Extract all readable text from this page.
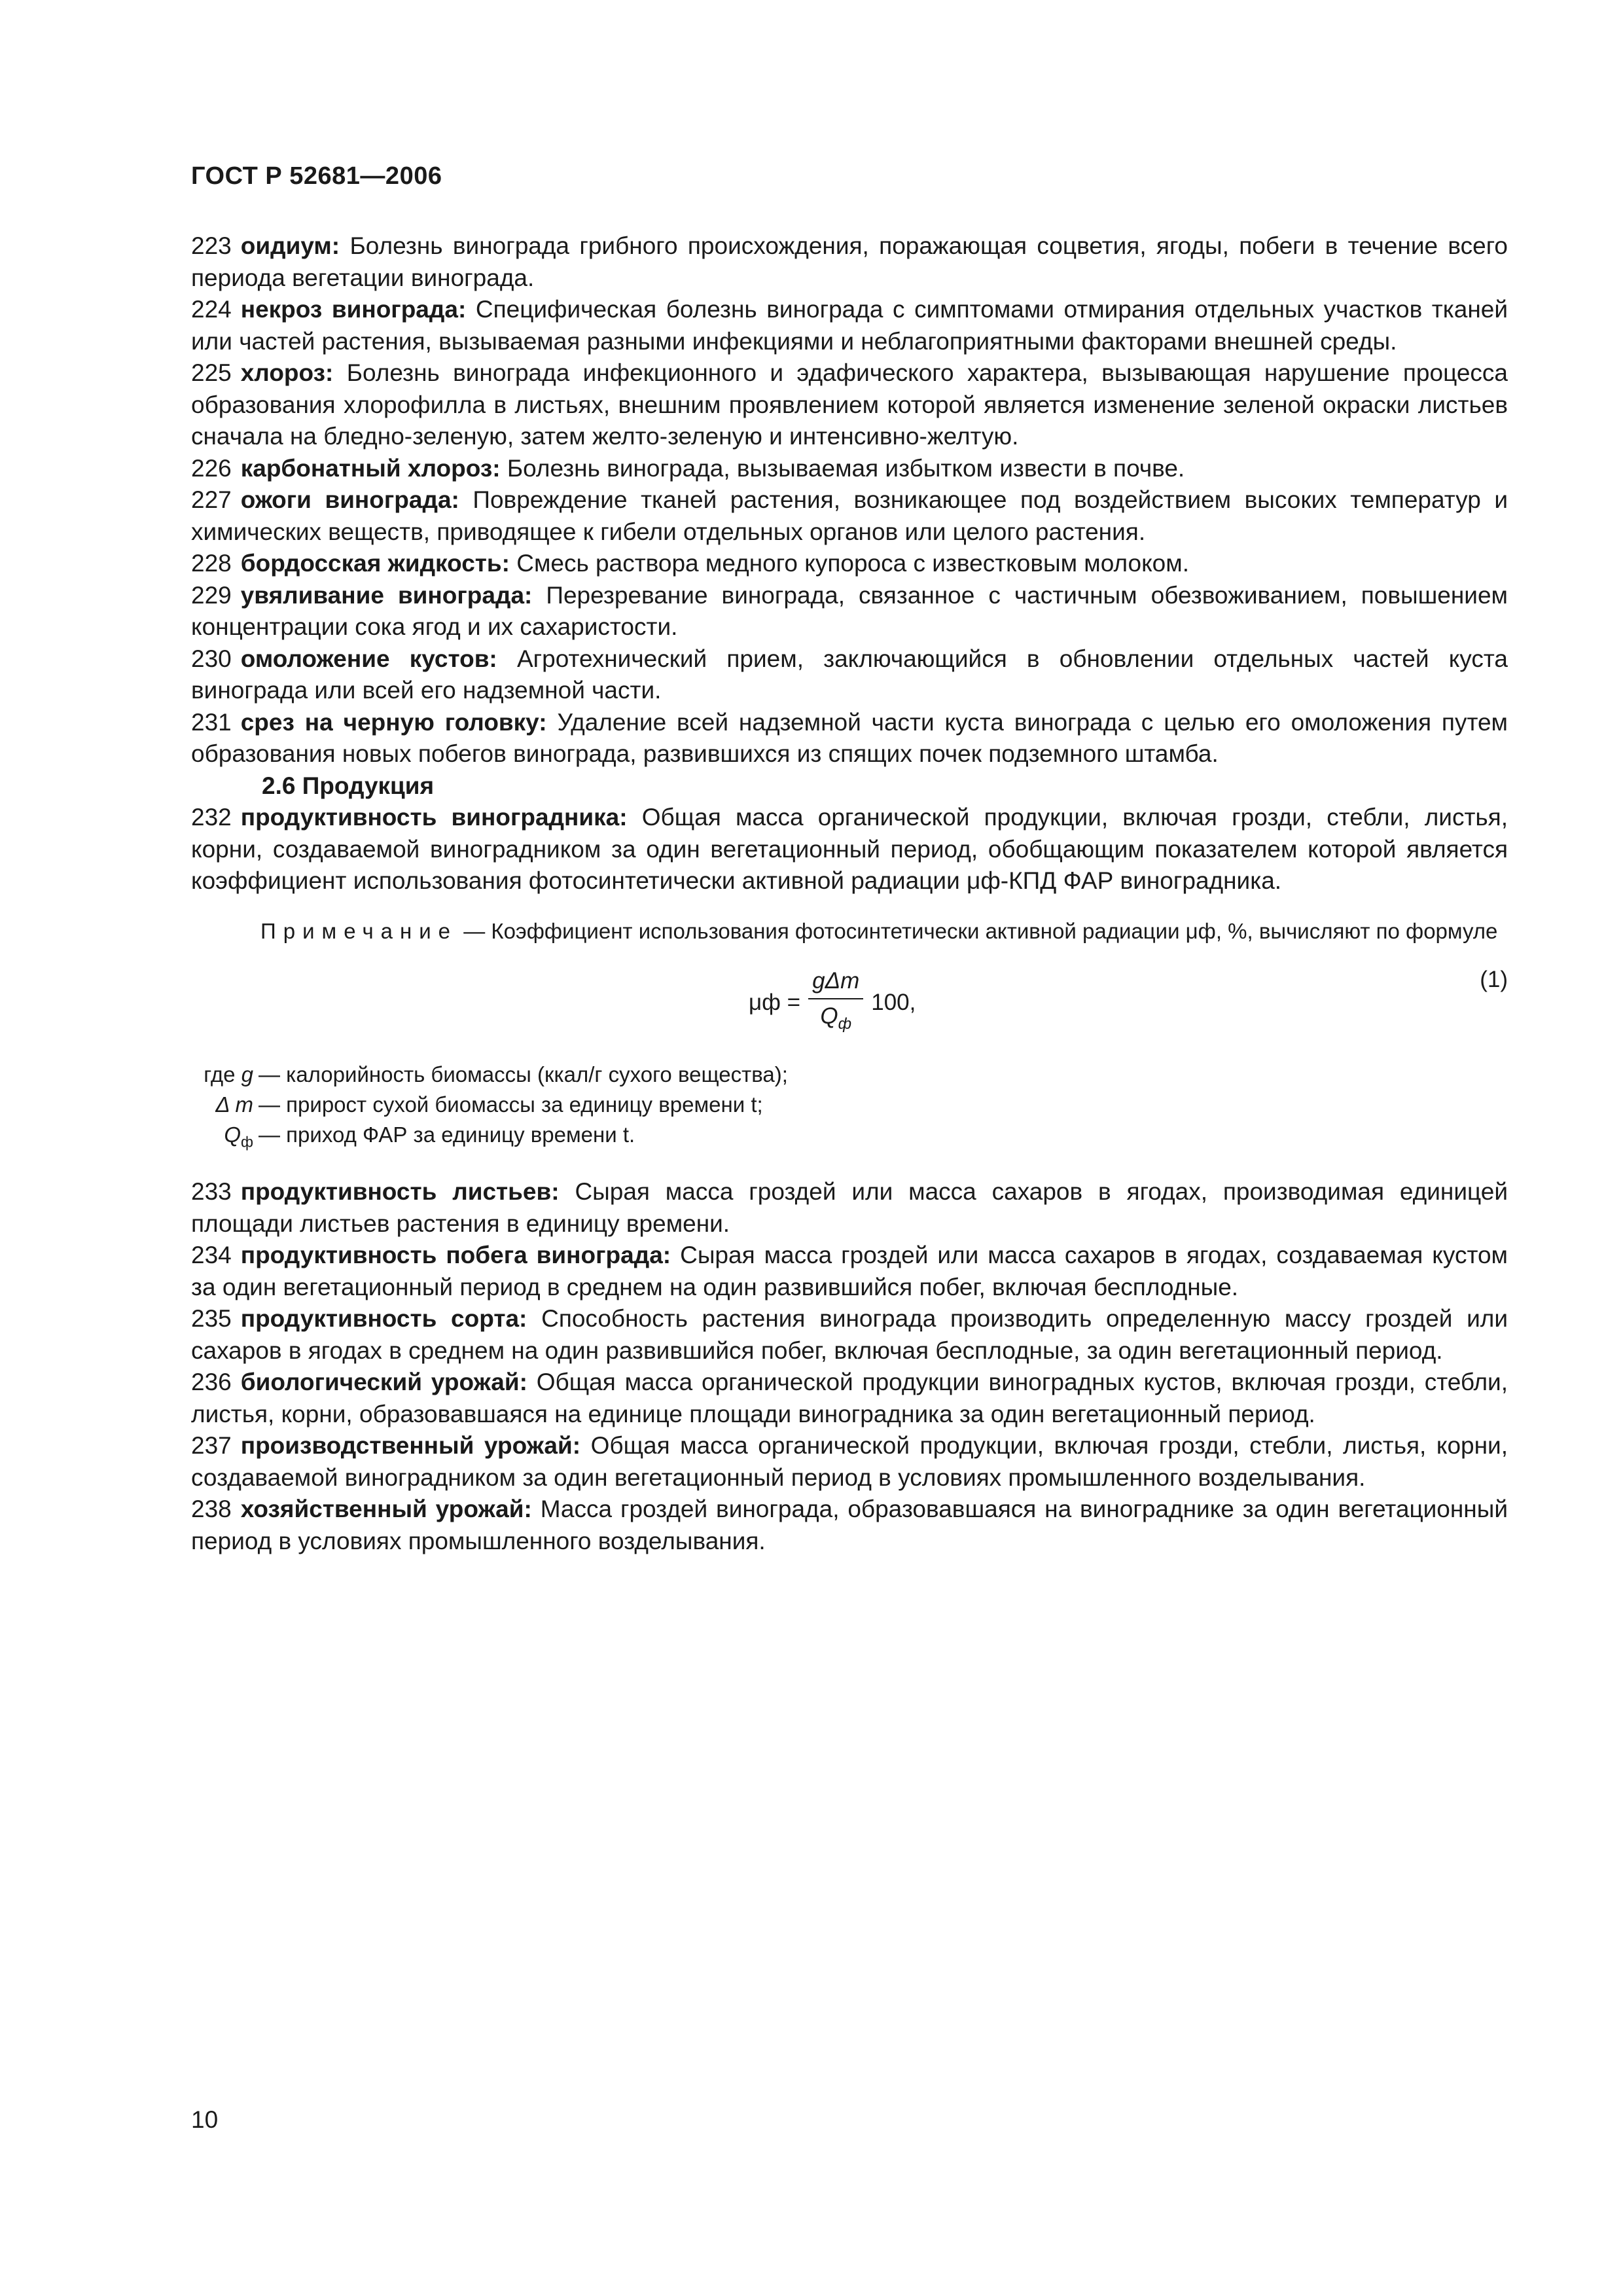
ГОСТ Р 52681—2006

223 оидиум: Болезнь винограда грибного происхождения, поражающая соцветия, ягоды, побеги в течение всего периода вегетации винограда.

224 некроз винограда: Специфическая болезнь винограда с симптомами отмирания отдельных участков тканей или частей растения, вызываемая разными инфекциями и неблагоприятными факторами внешней среды.

225 хлороз: Болезнь винограда инфекционного и эдафического характера, вызывающая нарушение процесса образования хлорофилла в листьях, внешним проявлением которой является изменение зеленой окраски листьев сначала на бледно-зеленую, затем желто-зеленую и интенсивно-желтую.

226 карбонатный хлороз: Болезнь винограда, вызываемая избытком извести в почве.

227 ожоги винограда: Повреждение тканей растения, возникающее под воздействием высоких температур и химических веществ, приводящее к гибели отдельных органов или целого растения.

228 бордосская жидкость: Смесь раствора медного купороса с известковым молоком.

229 увяливание винограда: Перезревание винограда, связанное с частичным обезвоживанием, повышением концентрации сока ягод и их сахаристости.

230 омоложение кустов: Агротехнический прием, заключающийся в обновлении отдельных частей куста винограда или всей его надземной части.

231 срез на черную головку: Удаление всей надземной части куста винограда с целью его омоложения путем образования новых побегов винограда, развившихся из спящих почек подземного штамба.

2.6 Продукция

232 продуктивность виноградника: Общая масса органической продукции, включая грозди, стебли, листья, корни, создаваемой виноградником за один вегетационный период, обобщающим показателем которой является коэффициент использования фотосинтетически активной радиации μф-КПД ФАР виноградника.

Примечание — Коэффициент использования фотосинтетически активной радиации μф, %, вычисляют по формуле

$\mu ф = \frac{\text{gΔm}}{Q_ф} 100$,
(1)
где g — калорийность биомассы (ккал/г сухого вещества);
Δ m — прирост сухой биомассы за единицу времени t;
$Q_ф$ — приход ФАР за единицу времени t.

233 продуктивность листьев: Сырая масса гроздей или масса сахаров в ягодах, производимая единицей площади листьев растения в единицу времени.

234 продуктивность побега винограда: Сырая масса гроздей или масса сахаров в ягодах, создаваемая кустом за один вегетационный период в среднем на один развившийся побег, включая бесплодные.

235 продуктивность сорта: Способность растения винограда производить определенную массу гроздей или сахаров в ягодах в среднем на один развившийся побег, включая бесплодные, за один вегетационный период.

236 биологический урожай: Общая масса органической продукции виноградных кустов, включая грозди, стебли, листья, корни, образовавшаяся на единице площади виноградника за один вегетационный период.

237 производственный урожай: Общая масса органической продукции, включая грозди, стебли, листья, корни, создаваемой виноградником за один вегетационный период в условиях промышленного возделывания.

238 хозяйственный урожай: Масса гроздей винограда, образовавшаяся на винограднике за один вегетационный период в условиях промышленного возделывания.

10
